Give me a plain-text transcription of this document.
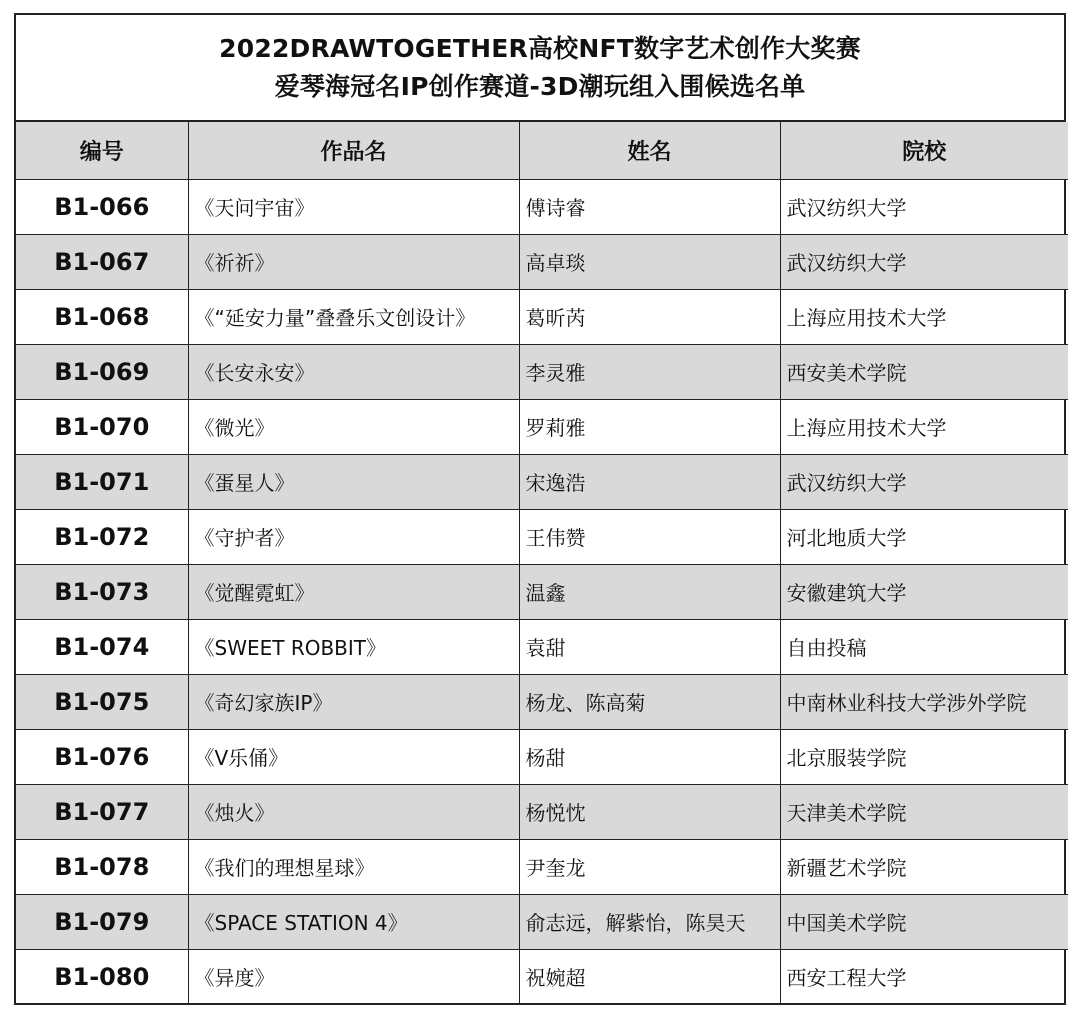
2022DRAWTOGETHER高校NFT数字艺术创作大奖赛
爱琴海冠名IP创作赛道-3D潮玩组入围候选名单
编号	作品名	姓名	院校
B1-066	《天问宇宙》	傅诗睿	武汉纺织大学
B1-067	《祈祈》	高卓琰	武汉纺织大学
B1-068	《“延安力量”叠叠乐文创设计》	葛昕芮	上海应用技术大学
B1-069	《长安永安》	李灵雅	西安美术学院
B1-070	《微光》	罗莉雅	上海应用技术大学
B1-071	《蛋星人》	宋逸浩	武汉纺织大学
B1-072	《守护者》	王伟赞	河北地质大学
B1-073	《觉醒霓虹》	温鑫	安徽建筑大学
B1-074	《SWEET ROBBIT》	袁甜	自由投稿
B1-075	《奇幻家族IP》	杨龙、陈高菊	中南林业科技大学涉外学院
B1-076	《V乐俑》	杨甜	北京服装学院
B1-077	《烛火》	杨悦忱	天津美术学院
B1-078	《我们的理想星球》	尹奎龙	新疆艺术学院
B1-079	《SPACE STATION 4》	俞志远，解紫怡，陈昊天	中国美术学院
B1-080	《异度》	祝婉超	西安工程大学
